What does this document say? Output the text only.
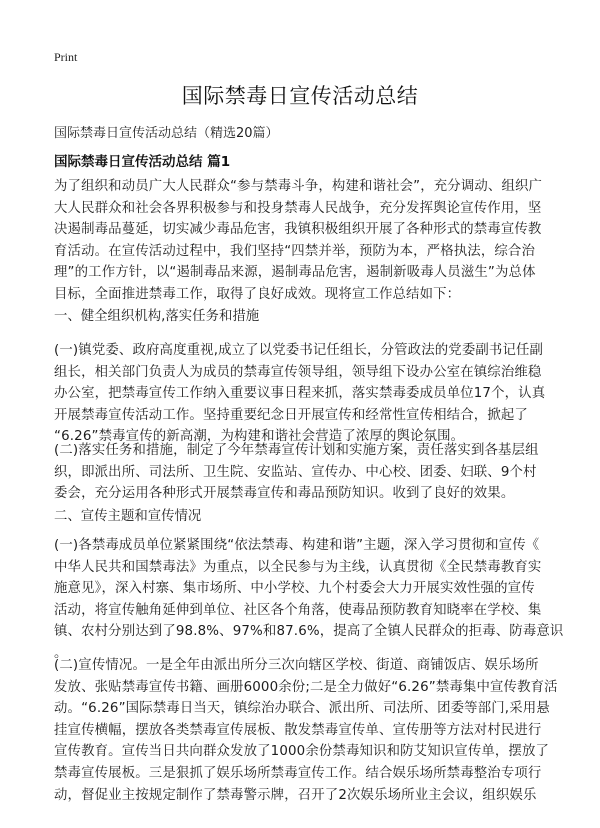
Print
国际禁毒日宣传活动总结
国际禁毒日宣传活动总结（精选20篇）
国际禁毒日宣传活动总结 篇1
为了组织和动员广大人民群众“参与禁毒斗争，构建和谐社会”，充分调动、组织广
大人民群众和社会各界积极参与和投身禁毒人民战争，充分发挥舆论宣传作用，坚
决遏制毒品蔓延，切实减少毒品危害，我镇积极组织开展了各种形式的禁毒宣传教
育活动。在宣传活动过程中，我们坚持“四禁并举，预防为本，严格执法，综合治
理”的工作方针，以“遏制毒品来源，遏制毒品危害，遏制新吸毒人员滋生”为总体
目标，全面推进禁毒工作，取得了良好成效。现将宣工作总结如下：
一、健全组织机构,落实任务和措施
(一)镇党委、政府高度重视,成立了以党委书记任组长，分管政法的党委副书记任副
组长，相关部门负责人为成员的禁毒宣传领导组，领导组下设办公室在镇综治维稳
办公室，把禁毒宣传工作纳入重要议事日程来抓，落实禁毒委成员单位17个，认真
开展禁毒宣传活动工作。坚持重要纪念日开展宣传和经常性宣传相结合，掀起了
“6.26”禁毒宣传的新高潮，为构建和谐社会营造了浓厚的舆论氛围。
(二)落实任务和措施，制定了今年禁毒宣传计划和实施方案，责任落实到各基层组
织，即派出所、司法所、卫生院、安监站、宣传办、中心校、团委、妇联、9个村
委会，充分运用各种形式开展禁毒宣传和毒品预防知识。收到了良好的效果。
二、宣传主题和宣传情况
(一)各禁毒成员单位紧紧围绕“依法禁毒、构建和谐”主题，深入学习贯彻和宣传《
中华人民共和国禁毒法》为重点，以全民参与为主线，认真贯彻《全民禁毒教育实
施意见》，深入村寨、集市场所、中小学校、九个村委会大力开展实效性强的宣传
活动，将宣传触角延伸到单位、社区各个角落，使毒品预防教育知晓率在学校、集
镇、农村分别达到了98.8%、97%和87.6%，提高了全镇人民群众的拒毒、防毒意识
。
(二)宣传情况。一是全年由派出所分三次向辖区学校、街道、商铺饭店、娱乐场所
发放、张贴禁毒宣传书籍、画册6000余份;二是全力做好“6.26”禁毒集中宣传教育活
动。“6.26”国际禁毒日当天，镇综治办联合、派出所、司法所、团委等部门,采用悬
挂宣传横幅，摆放各类禁毒宣传展板、散发禁毒宣传单、宣传册等方法对村民进行
宣传教育。宣传当日共向群众发放了1000余份禁毒知识和防艾知识宣传单，摆放了
禁毒宣传展板。三是狠抓了娱乐场所禁毒宣传工作。结合娱乐场所禁毒整治专项行
动，督促业主按规定制作了禁毒警示牌，召开了2次娱乐场所业主会议，组织娱乐
